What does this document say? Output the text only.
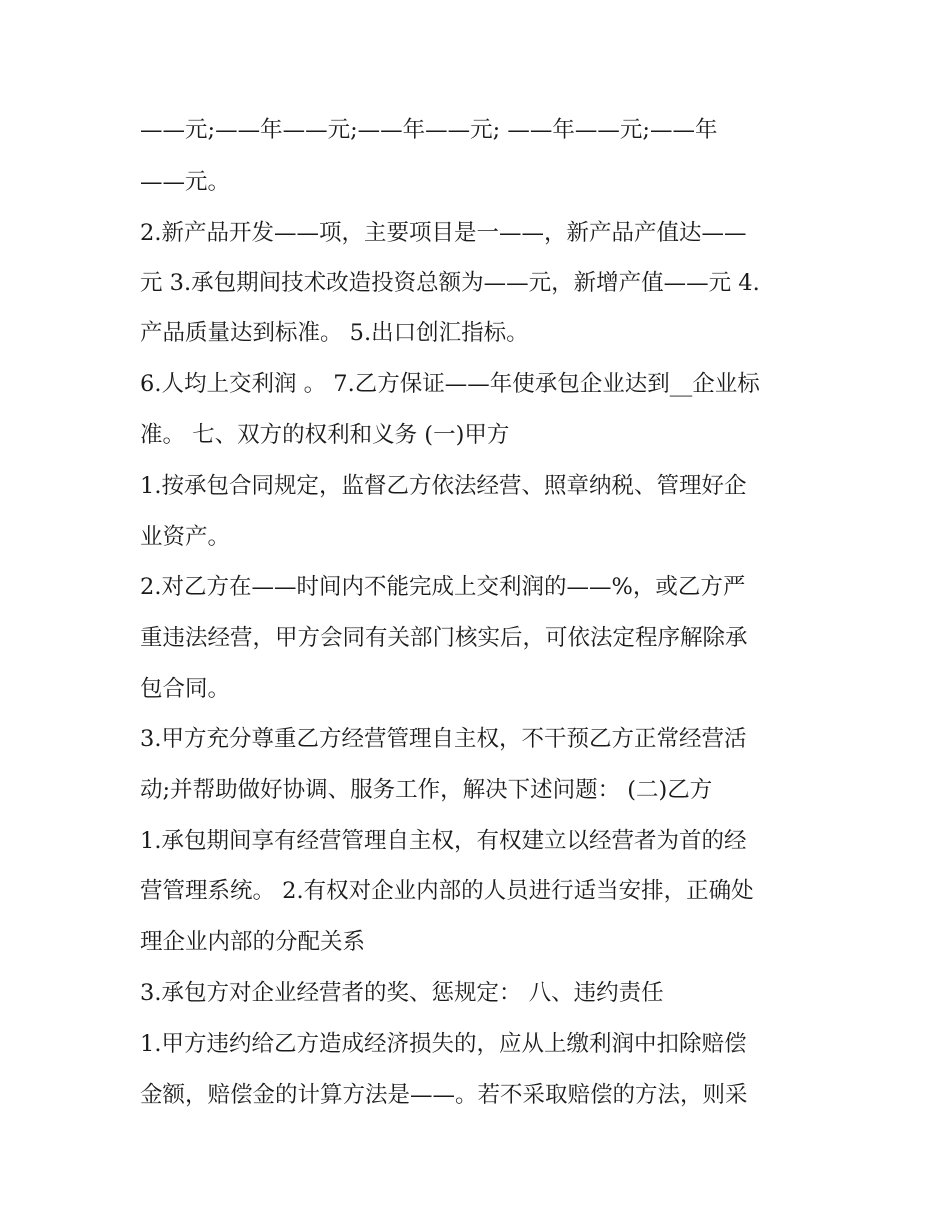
——元;——年——元;——年——元; ——年——元;——年
——元。
2.新产品开发——项，主要项目是一——，新产品产值达——
元 3.承包期间技术改造投资总额为——元，新增产值——元 4.
产品质量达到标准。 5.出口创汇指标。
6.人均上交利润 。 7.乙方保证——年使承包企业达到__企业标
准。 七、双方的权利和义务 (一)甲方
1.按承包合同规定，监督乙方依法经营、照章纳税、管理好企
业资产。
2.对乙方在——时间内不能完成上交利润的——%，或乙方严
重违法经营，甲方会同有关部门核实后，可依法定程序解除承
包合同。
3.甲方充分尊重乙方经营管理自主权，不干预乙方正常经营活
动;并帮助做好协调、服务工作，解决下述问题： (二)乙方
1.承包期间享有经营管理自主权，有权建立以经营者为首的经
营管理系统。 2.有权对企业内部的人员进行适当安排，正确处
理企业内部的分配关系
3.承包方对企业经营者的奖、惩规定： 八、违约责任
1.甲方违约给乙方造成经济损失的，应从上缴利润中扣除赔偿
金额，赔偿金的计算方法是——。若不采取赔偿的方法，则采
